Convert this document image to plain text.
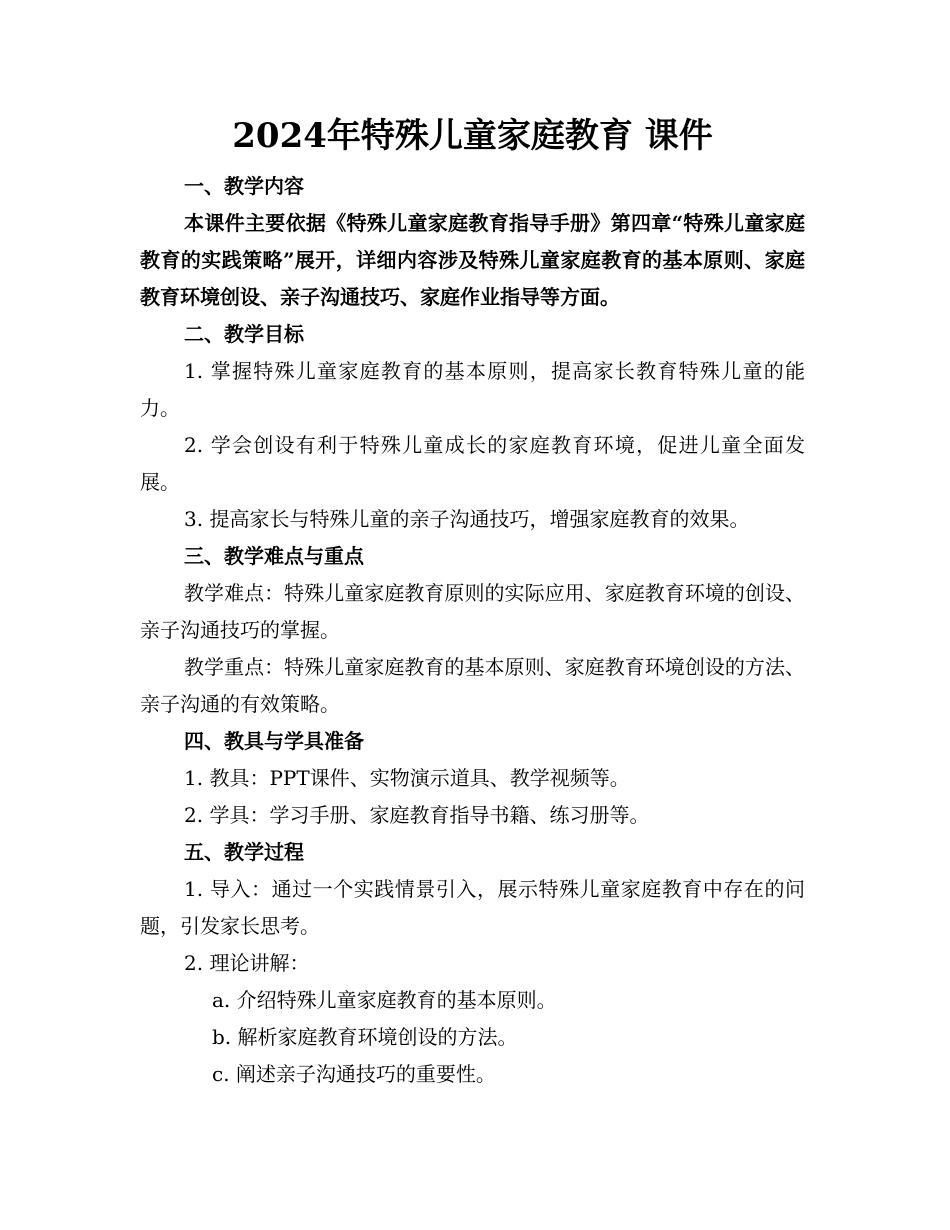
2024年特殊儿童家庭教育 课件

一、教学内容

本课件主要依据《特殊儿童家庭教育指导手册》第四章“特殊儿童家庭教育的实践策略”展开，详细内容涉及特殊儿童家庭教育的基本原则、家庭教育环境创设、亲子沟通技巧、家庭作业指导等方面。

二、教学目标

1. 掌握特殊儿童家庭教育的基本原则，提高家长教育特殊儿童的能力。

2. 学会创设有利于特殊儿童成长的家庭教育环境，促进儿童全面发展。

3. 提高家长与特殊儿童的亲子沟通技巧，增强家庭教育的效果。

三、教学难点与重点

教学难点：特殊儿童家庭教育原则的实际应用、家庭教育环境的创设、亲子沟通技巧的掌握。

教学重点：特殊儿童家庭教育的基本原则、家庭教育环境创设的方法、亲子沟通的有效策略。

四、教具与学具准备

1. 教具：PPT课件、实物演示道具、教学视频等。

2. 学具：学习手册、家庭教育指导书籍、练习册等。

五、教学过程

1. 导入：通过一个实践情景引入，展示特殊儿童家庭教育中存在的问题，引发家长思考。

2. 理论讲解：

a. 介绍特殊儿童家庭教育的基本原则。

b. 解析家庭教育环境创设的方法。

c. 阐述亲子沟通技巧的重要性。
